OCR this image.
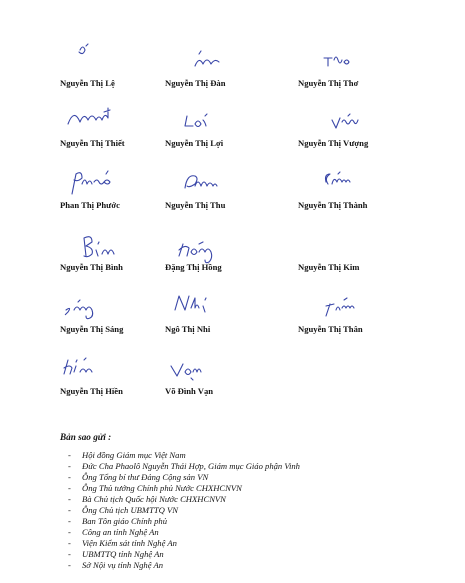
Nguyễn Thị Lệ	Nguyễn Thị Đàn	Nguyễn Thị Thơ
Nguyễn Thị Thiết	Nguyễn Thị Lợi	Nguyễn Thị Vượng
Phan Thị Phước	Nguyễn Thị Thu	Nguyễn Thị Thành
Nguyễn Thị Bình	Đặng Thị Hồng	Nguyễn Thị Kim
Nguyễn Thị Sáng	Ngô Thị Nhi	Nguyễn Thị Thân
Nguyễn Thị Hiền	Võ Đình Vạn

Bản sao gửi :

- Hội đồng Giám mục Việt Nam
- Đức Cha Phaolô Nguyễn Thái Hợp, Giám mục Giáo phận Vinh
- Ông Tổng bí thư Đảng Cộng sản VN
- Ông Thủ tướng Chính phủ Nước CHXHCNVN
- Bà Chủ tịch Quốc hội Nước CHXHCNVN
- Ông Chủ tịch UBMTTQ VN
- Ban Tôn giáo Chính phủ
- Công an tỉnh Nghệ An
- Viện Kiểm sát tỉnh Nghệ An
- UBMTTQ tỉnh Nghệ An
- Sở Nội vụ tỉnh Nghệ An
